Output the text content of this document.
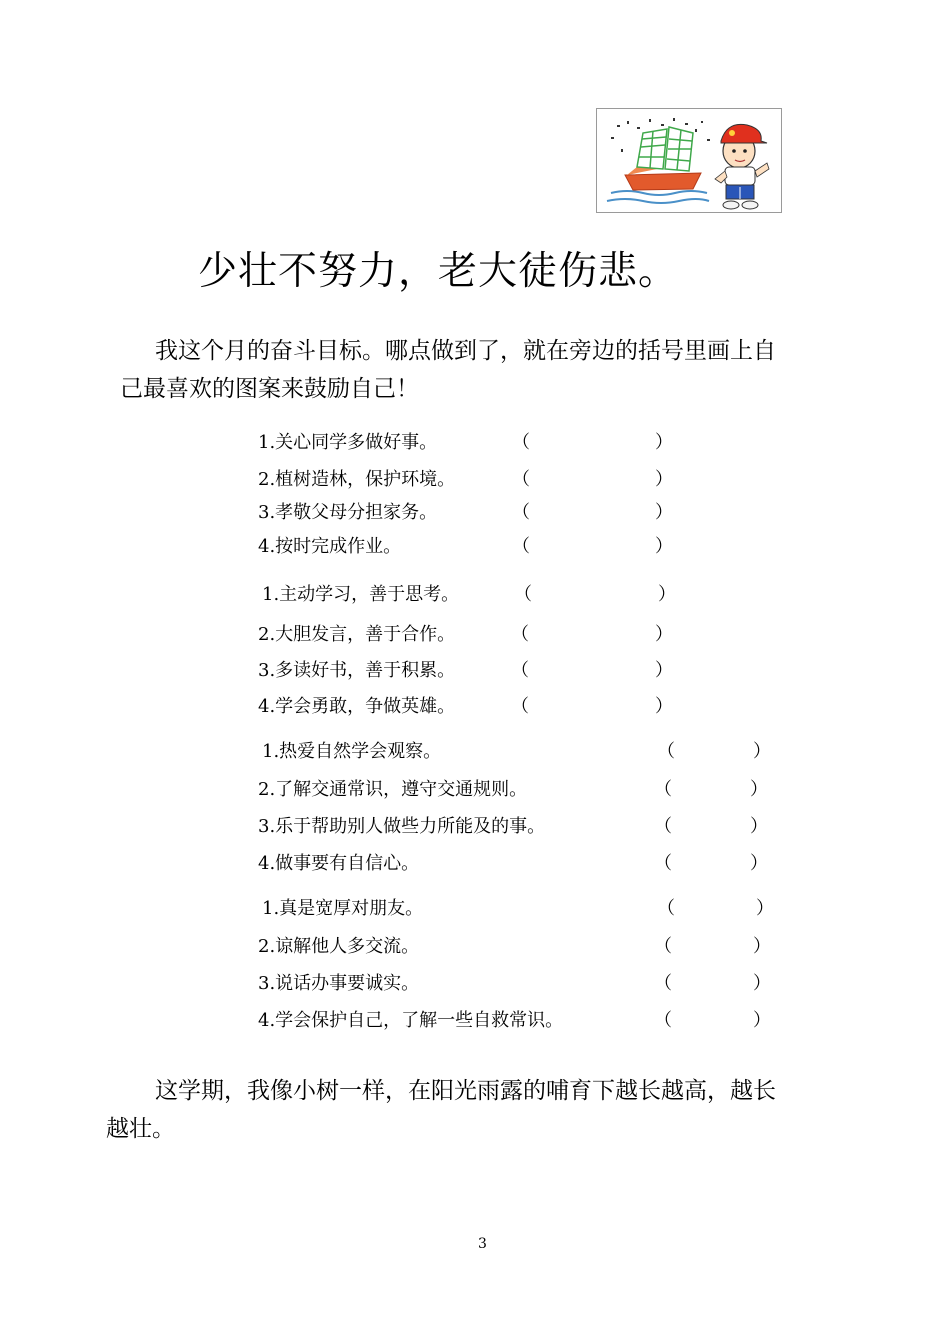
少壮不努力，老大徒伤悲。
我这个月的奋斗目标。哪点做到了，就在旁边的括号里画上自
己最喜欢的图案来鼓励自己！
1.关心同学多做好事。	（	）
2.植树造林，保护环境。	（	）
3.孝敬父母分担家务。	（	）
4.按时完成作业。	（	）
1.主动学习，善于思考。	（	）
2.大胆发言，善于合作。	（	）
3.多读好书，善于积累。	（	）
4.学会勇敢，争做英雄。	（	）
1.热爱自然学会观察。	（	）
2.了解交通常识，遵守交通规则。	（	）
3.乐于帮助别人做些力所能及的事。	（	）
4.做事要有自信心。	（	）
1.真是宽厚对朋友。	（	）
2.谅解他人多交流。	（	）
3.说话办事要诚实。	（	）
4.学会保护自己，了解一些自救常识。	（	）
这学期，我像小树一样，在阳光雨露的哺育下越长越高，越长
越壮。
3
